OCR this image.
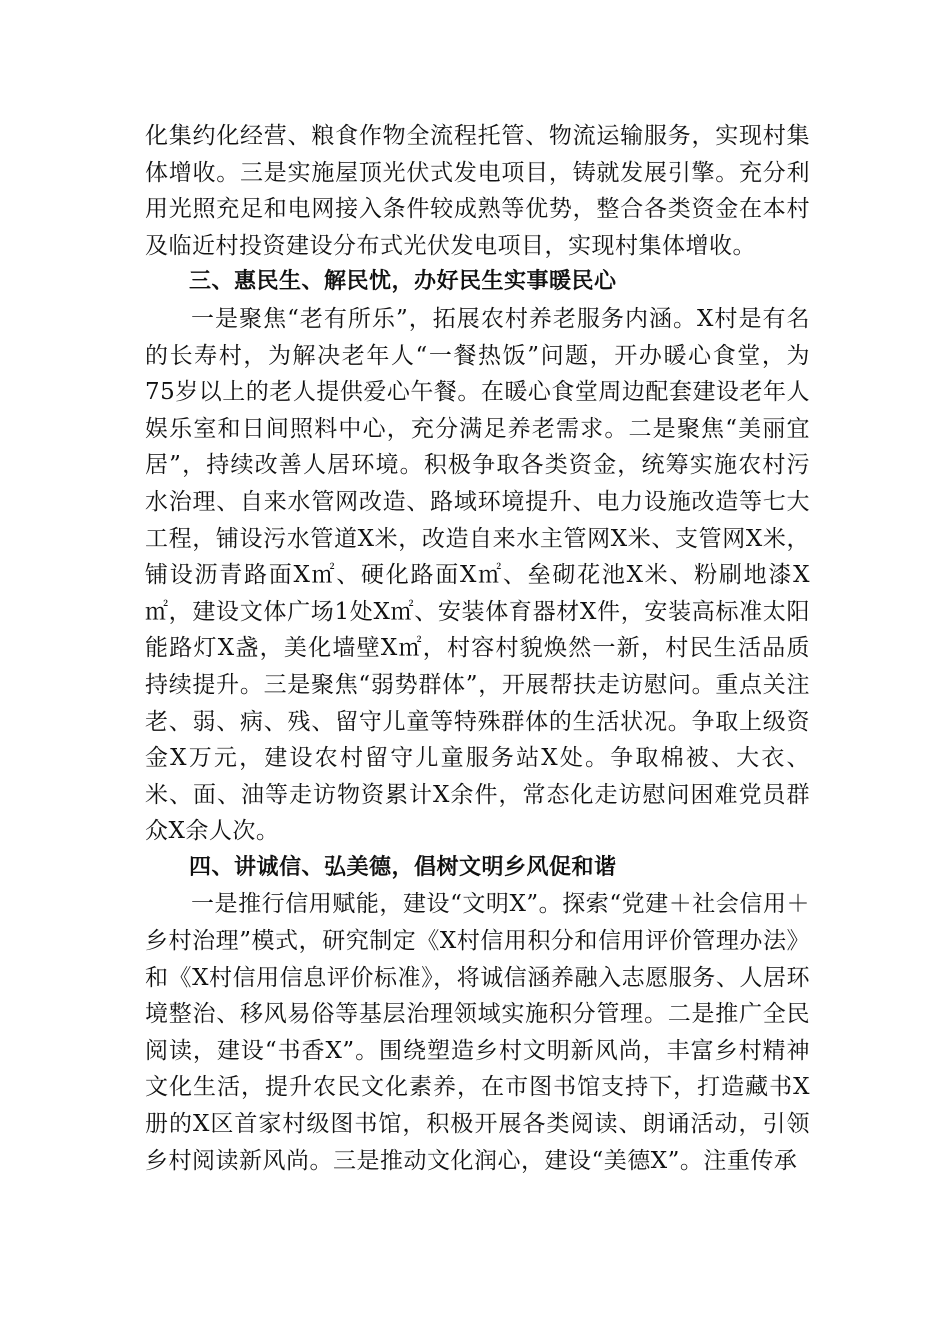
化集约化经营、粮食作物全流程托管、物流运输服务，实现村集体增收。三是实施屋顶光伏式发电项目，铸就发展引擎。充分利用光照充足和电网接入条件较成熟等优势，整合各类资金在本村及临近村投资建设分布式光伏发电项目，实现村集体增收。

三、惠民生、解民忧，办好民生实事暖民心

一是聚焦“老有所乐”，拓展农村养老服务内涵。X村是有名的长寿村，为解决老年人“一餐热饭”问题，开办暖心食堂，为75岁以上的老人提供爱心午餐。在暖心食堂周边配套建设老年人娱乐室和日间照料中心，充分满足养老需求。二是聚焦“美丽宜居”，持续改善人居环境。积极争取各类资金，统筹实施农村污水治理、自来水管网改造、路域环境提升、电力设施改造等七大工程，铺设污水管道X米，改造自来水主管网X米、支管网X米，铺设沥青路面X㎡、硬化路面X㎡、垒砌花池X米、粉刷地漆X㎡，建设文体广场1处X㎡、安装体育器材X件，安装高标准太阳能路灯X盏，美化墙壁X㎡，村容村貌焕然一新，村民生活品质持续提升。三是聚焦“弱势群体”，开展帮扶走访慰问。重点关注老、弱、病、残、留守儿童等特殊群体的生活状况。争取上级资金X万元，建设农村留守儿童服务站X处。争取棉被、大衣、米、面、油等走访物资累计X余件，常态化走访慰问困难党员群众X余人次。

四、讲诚信、弘美德，倡树文明乡风促和谐

一是推行信用赋能，建设“文明X”。探索“党建＋社会信用＋乡村治理”模式，研究制定《X村信用积分和信用评价管理办法》和《X村信用信息评价标准》，将诚信涵养融入志愿服务、人居环境整治、移风易俗等基层治理领域实施积分管理。二是推广全民阅读，建设“书香X”。围绕塑造乡村文明新风尚，丰富乡村精神文化生活，提升农民文化素养，在市图书馆支持下，打造藏书X册的X区首家村级图书馆，积极开展各类阅读、朗诵活动，引领乡村阅读新风尚。三是推动文化润心，建设“美德X”。注重传承
